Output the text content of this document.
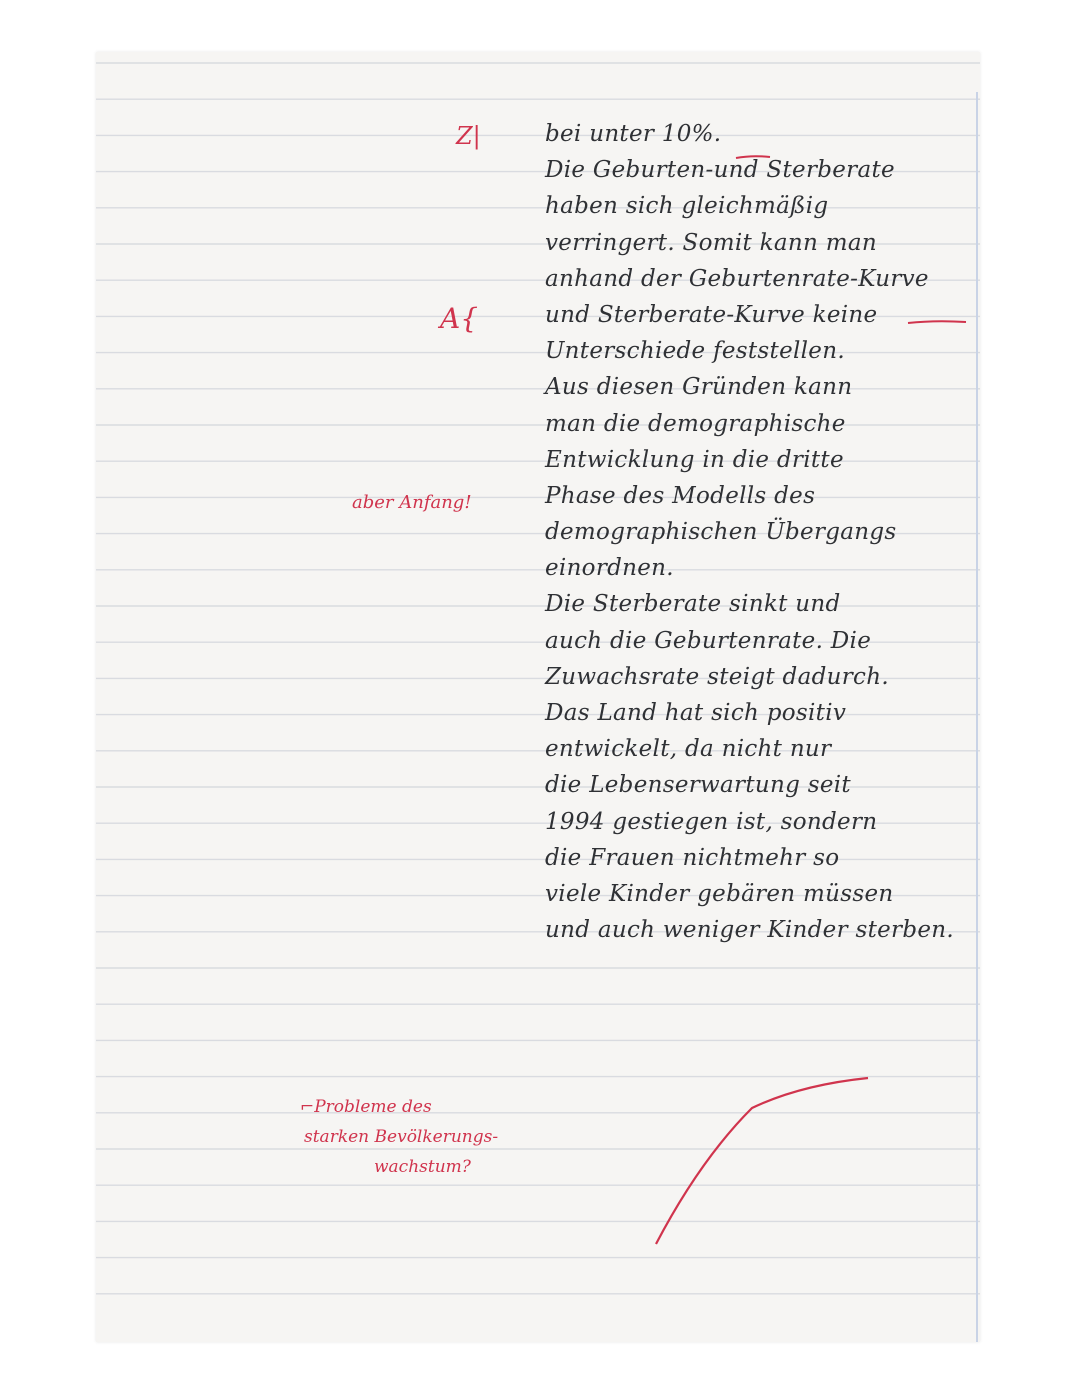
bei unter 10%.
Die Geburten-und Sterberate
haben sich gleichmäßig
verringert. Somit kann man
anhand der Geburtenrate-Kurve
und Sterberate-Kurve keine
Unterschiede feststellen.
Aus diesen Gründen kann
man die demographische
Entwicklung in die dritte
Phase des Modells des
demographischen Übergangs
einordnen.
Die Sterberate sinkt und
auch die Geburtenrate. Die
Zuwachsrate steigt dadurch.
Das Land hat sich positiv
entwickelt, da nicht nur
die Lebenserwartung seit
1994 gestiegen ist, sondern
die Frauen nichtmehr so
viele Kinder gebären müssen
und auch weniger Kinder sterben.
Z|
A{
aber Anfang!
⌐Probleme des
starken Bevölkerungs-
wachstum?
